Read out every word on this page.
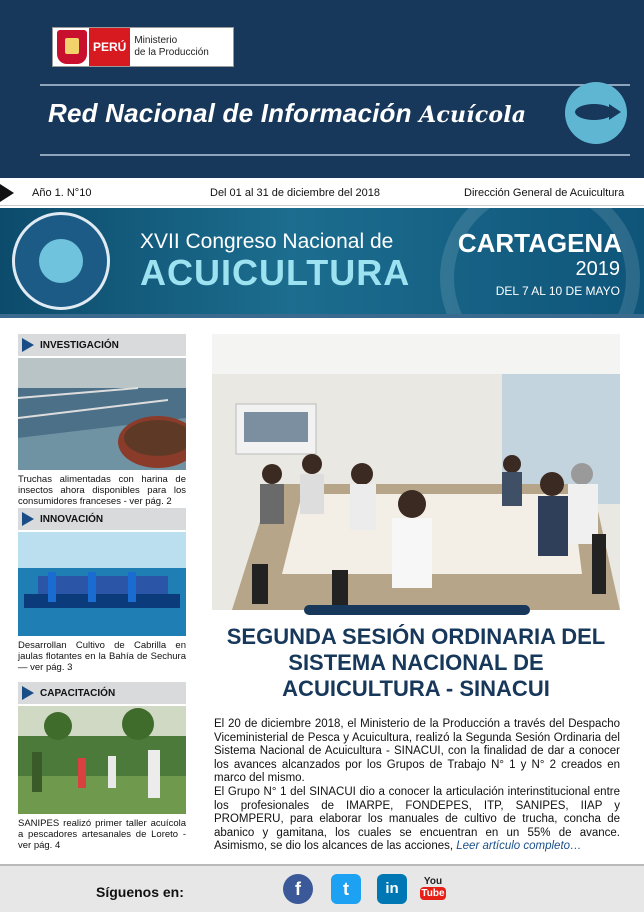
PERÚ Ministerio
de la Producción
Red Nacional de Información Acuícola
Año 1. N°10	Del 01 al 31 de diciembre del 2018	Dirección General de Acuicultura
XVII Congreso Nacional de
ACUICULTURA
CARTAGENA
2019
DEL 7 AL 10 DE MAYO
INVESTIGACIÓN
Truchas alimentadas con harina de insectos ahora disponibles para los consumidores franceses - ver pág. 2
INNOVACIÓN
Desarrollan Cultivo de Cabrilla en jaulas flotantes en la Bahía de Sechura — ver pág. 3
CAPACITACIÓN
SANIPES realizó primer taller acuícola a pescadores artesanales de Loreto - ver pág. 4
SEGUNDA SESIÓN ORDINARIA DEL SISTEMA NACIONAL DE ACUICULTURA - SINACUI
El 20 de diciembre 2018, el Ministerio de la Producción a través del Despacho Viceministerial de Pesca y Acuicultura, realizó la Segunda Sesión Ordinaria del Sistema Nacional de Acuicultura - SINACUI, con la finalidad de dar a conocer los avances alcanzados por los Grupos de Trabajo N° 1 y N° 2 creados en marco del mismo.
El Grupo N° 1 del SINACUI dio a conocer la articulación interinstitucional entre los profesionales de IMARPE, FONDEPES, ITP, SANIPES, IIAP y PROMPERU, para elaborar los manuales de cultivo de trucha, concha de abanico y gamitana, los cuales se encuentran en un 55% de avance. Asimismo, se dio los alcances de las acciones, Leer artículo completo…
Síguenos en:	f	t	in	You
Tube
